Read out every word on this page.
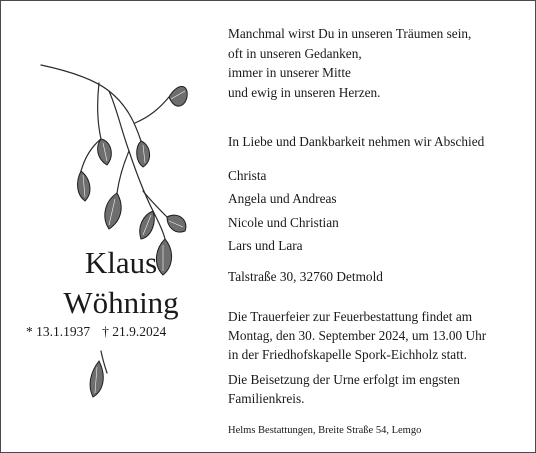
Klaus
Wöhning
* 13.1.1937 † 21.9.2024
Manchmal wirst Du in unseren Träumen sein,
oft in unseren Gedanken,
immer in unserer Mitte
und ewig in unseren Herzen.
In Liebe und Dankbarkeit nehmen wir Abschied
Christa
Angela und Andreas
Nicole und Christian
Lars und Lara
Talstraße 30, 32760 Detmold
Die Trauerfeier zur Feuerbestattung findet am
Montag, den 30. September 2024, um 13.00 Uhr
in der Friedhofskapelle Spork-Eichholz statt.
Die Beisetzung der Urne erfolgt im engsten
Familienkreis.
Helms Bestattungen, Breite Straße 54, Lemgo
